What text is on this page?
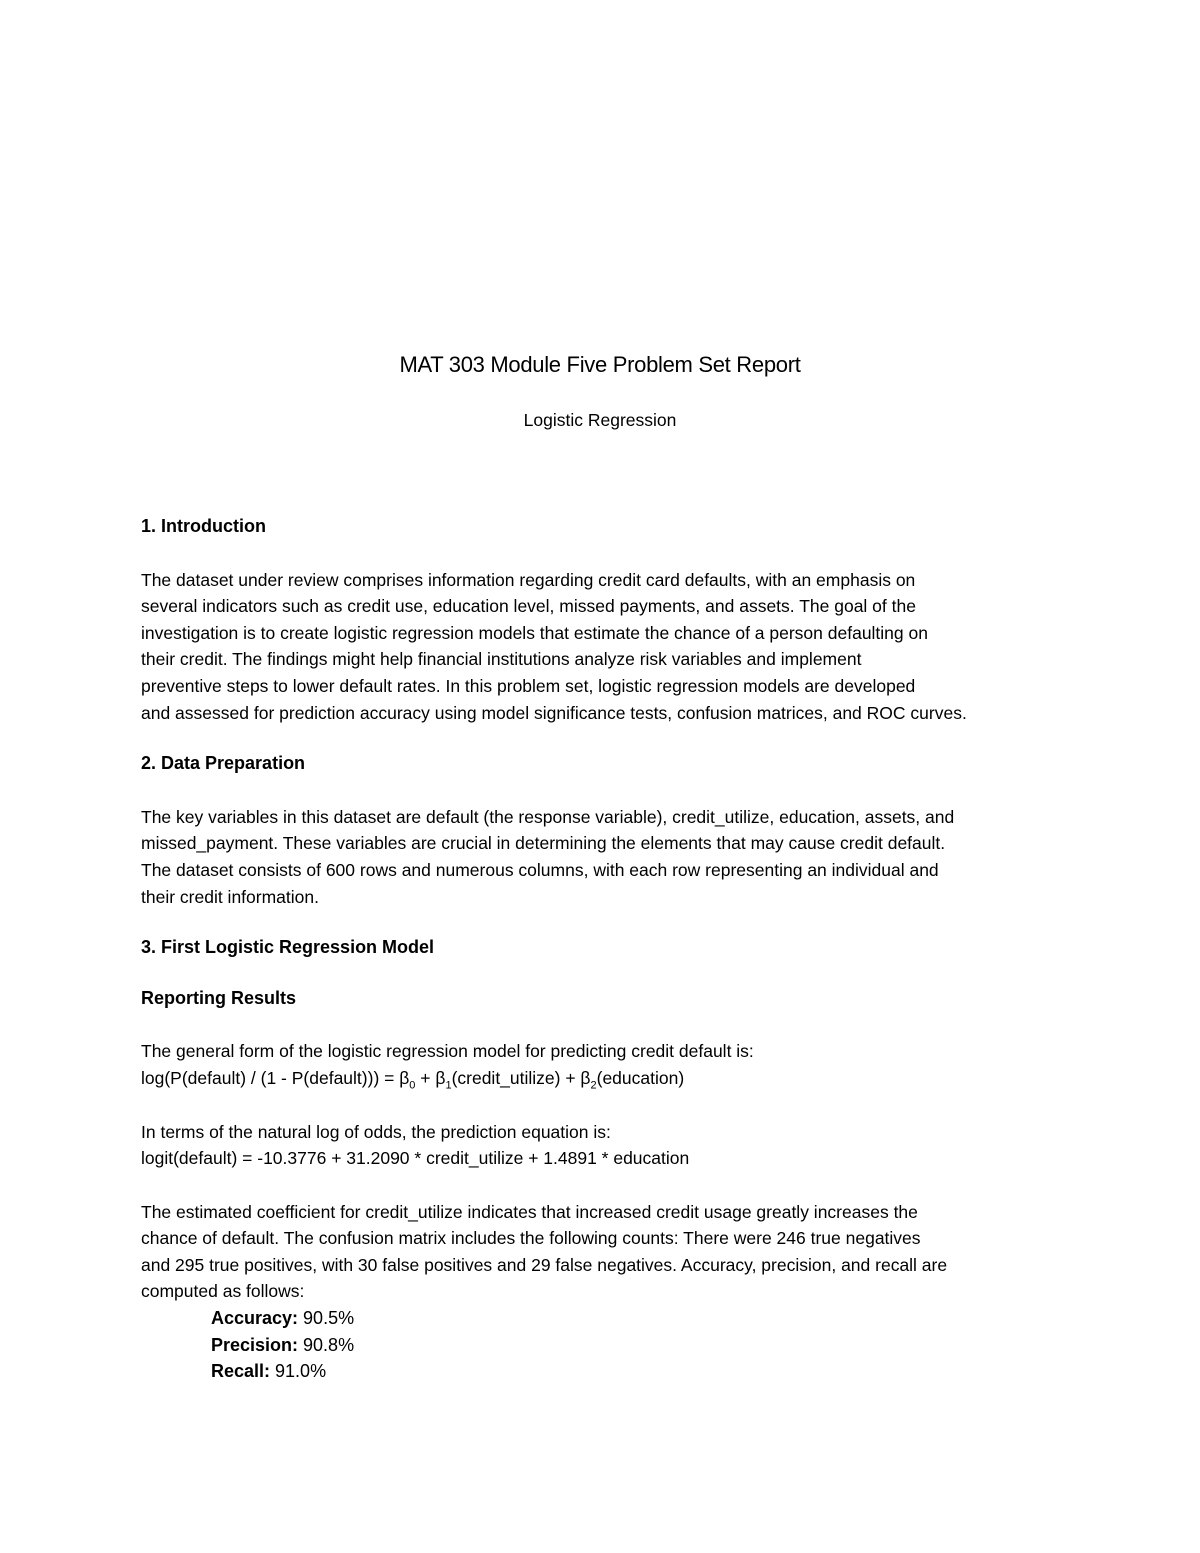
MAT 303 Module Five Problem Set Report
Logistic Regression

1. Introduction

The dataset under review comprises information regarding credit card defaults, with an emphasis on
several indicators such as credit use, education level, missed payments, and assets. The goal of the
investigation is to create logistic regression models that estimate the chance of a person defaulting on
their credit. The findings might help financial institutions analyze risk variables and implement
preventive steps to lower default rates. In this problem set, logistic regression models are developed
and assessed for prediction accuracy using model significance tests, confusion matrices, and ROC curves.

2. Data Preparation

The key variables in this dataset are default (the response variable), credit_utilize, education, assets, and
missed_payment. These variables are crucial in determining the elements that may cause credit default.
The dataset consists of 600 rows and numerous columns, with each row representing an individual and
their credit information.

3. First Logistic Regression Model

Reporting Results

The general form of the logistic regression model for predicting credit default is:
log(P(default) / (1 - P(default))) = $\beta_0$ + $\beta_1(credit\_utilize)$ + $\beta_2(education)$

In terms of the natural log of odds, the prediction equation is:
logit(default) = -10.3776 + 31.2090 * credit_utilize + 1.4891 * education

The estimated coefficient for credit_utilize indicates that increased credit usage greatly increases the
chance of default. The confusion matrix includes the following counts: There were 246 true negatives
and 295 true positives, with 30 false positives and 29 false negatives. Accuracy, precision, and recall are
computed as follows:

Accuracy: 90.5%
Precision: 90.8%
Recall: 91.0%
